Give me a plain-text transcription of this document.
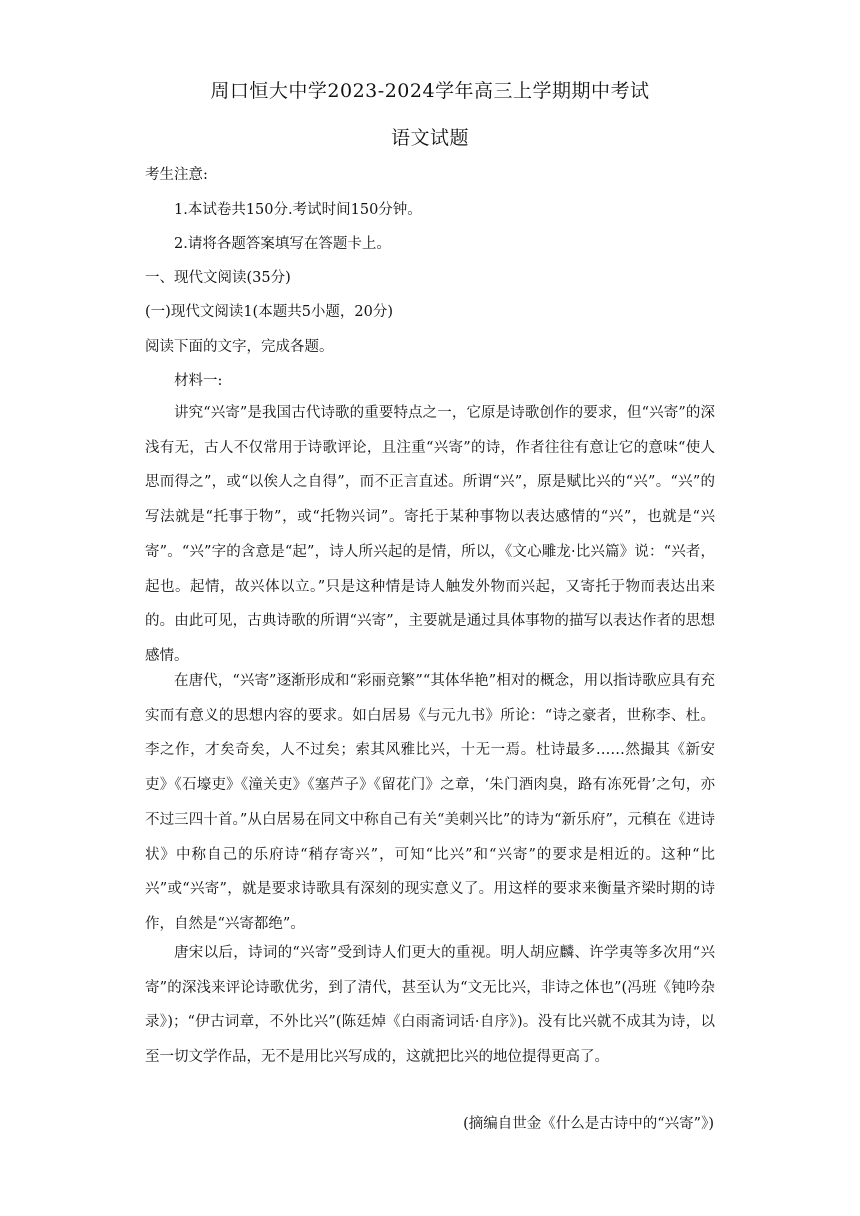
周口恒大中学2023-2024学年高三上学期期中考试
语文试题
考生注意:
1.本试卷共150分.考试时间150分钟。
2.请将各题答案填写在答题卡上。
一、现代文阅读(35分)
(一)现代文阅读1(本题共5小题，20分)
阅读下面的文字，完成各题。
材料一:

讲究“兴寄”是我国古代诗歌的重要特点之一，它原是诗歌创作的要求，但“兴寄”的深浅有无，古人不仅常用于诗歌评论，且注重“兴寄”的诗，作者往往有意让它的意味“使人思而得之”，或“以俟人之自得”，而不正言直述。所谓“兴”，原是赋比兴的“兴”。“兴”的写法就是“托事于物”，或“托物兴词”。寄托于某种事物以表达感情的“兴”，也就是“兴寄”。“兴”字的含意是“起”，诗人所兴起的是情，所以，《文心雕龙·比兴篇》说：“兴者，起也。起情，故兴体以立。”只是这种情是诗人触发外物而兴起，又寄托于物而表达出来的。由此可见，古典诗歌的所谓“兴寄”，主要就是通过具体事物的描写以表达作者的思想感情。

在唐代，“兴寄”逐渐形成和“彩丽竞繁”“其体华艳”相对的概念，用以指诗歌应具有充实而有意义的思想内容的要求。如白居易《与元九书》所论：“诗之豪者，世称李、杜。李之作，才矣奇矣，人不过矣；索其风雅比兴，十无一焉。杜诗最多……然撮其《新安吏》《石壕吏》《潼关吏》《塞芦子》《留花门》之章，‘朱门酒肉臭，路有冻死骨’之句，亦不过三四十首。”从白居易在同文中称自己有关“美刺兴比”的诗为“新乐府”，元稹在《进诗状》中称自己的乐府诗“稍存寄兴”，可知“比兴”和“兴寄”的要求是相近的。这种“比兴”或“兴寄”，就是要求诗歌具有深刻的现实意义了。用这样的要求来衡量齐梁时期的诗作，自然是“兴寄都绝”。

唐宋以后，诗词的“兴寄”受到诗人们更大的重视。明人胡应麟、许学夷等多次用“兴寄”的深浅来评论诗歌优劣，到了清代，甚至认为“文无比兴，非诗之体也”(冯班《钝吟杂录》)；“伊古词章，不外比兴”(陈廷焯《白雨斋词话·自序》)。没有比兴就不成其为诗，以至一切文学作品，无不是用比兴写成的，这就把比兴的地位提得更高了。

(摘编自世金《什么是古诗中的“兴寄”》)
